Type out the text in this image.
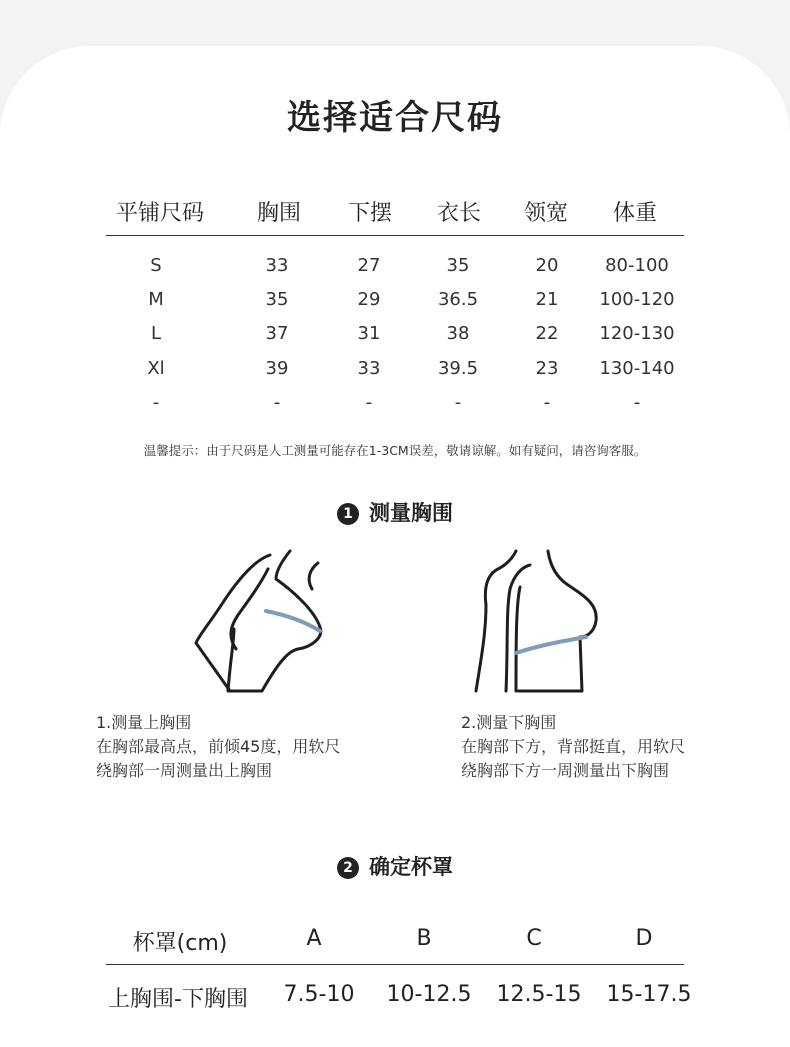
选择适合尺码
平铺尺码	胸围	下摆	衣长	领宽	体重
S	33	27	35	20	80-100
M	35	29	36.5	21	100-120
L	37	31	38	22	120-130
Xl	39	33	39.5	23	130-140
-	-	-	-	-	-
温馨提示：由于尺码是人工测量可能存在1-3CM误差，敬请谅解。如有疑问，请咨询客服。
1 测量胸围
1.测量上胸围
在胸部最高点，前倾45度，用软尺
绕胸部一周测量出上胸围
2.测量下胸围
在胸部下方，背部挺直，用软尺
绕胸部下方一周测量出下胸围
2 确定杯罩
杯罩(cm)	A	B	C	D
上胸围-下胸围	7.5-10	10-12.5	12.5-15	15-17.5
